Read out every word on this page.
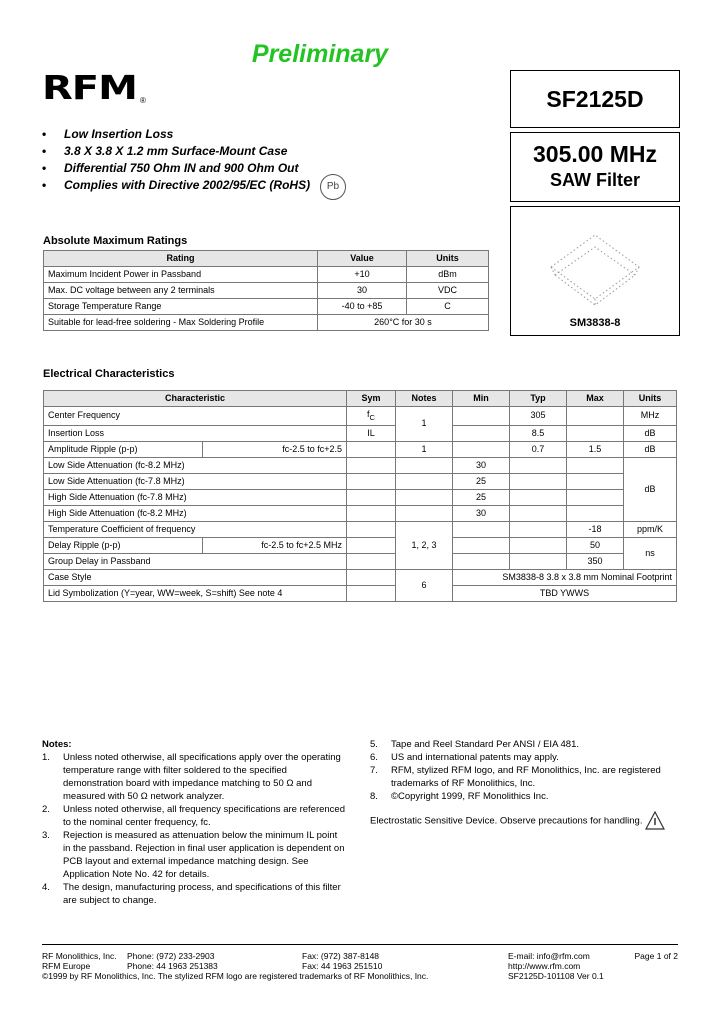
Preliminary
RFM ®	SF2125D
305.00 MHz
SAW Filter
SM3838-8
• Low Insertion Loss
• 3.8 X 3.8 X 1.2 mm Surface-Mount Case
• Differential 750 Ohm IN and 900 Ohm Out
• Complies with Directive 2002/95/EC (RoHS)	Pb
Absolute Maximum Ratings
Rating	Value	Units
Maximum Incident Power in Passband	+10	dBm
Max. DC voltage between any 2 terminals	30	VDC
Storage Temperature Range	-40 to +85	C
Suitable for lead-free soldering - Max Soldering Profile	260°C for 30 s	
Electrical Characteristics
Characteristic		Sym	Notes	Min	Typ	Max	Units
Center Frequency		$f_C$	1		305		MHz
Insertion Loss		IL			8.5		dB
Amplitude Ripple (p-p)	fc-2.5 to fc+2.5		1		0.7	1.5	dB
Low Side Attenuation (fc-8.2 MHz)				30			dB
Low Side Attenuation (fc-7.8 MHz)				25			
High Side Attenuation (fc-7.8 MHz)				25			
High Side Attenuation (fc-8.2 MHz)				30			
Temperature Coefficient of frequency			1, 2, 3			-18	ppm/K
Delay Ripple (p-p)	fc-2.5 to fc+2.5 MHz					50	ns
Group Delay in Passband						350	
Case Style			6	SM3838-8 3.8 x 3.8 mm Nominal Footprint			
Lid Symbolization (Y=year, WW=week, S=shift) See note 4				TBD YWWS			
Notes:
1. Unless noted otherwise, all specifications apply over the operating temperature range with filter soldered to the specified demonstration board with impedance matching to 50 Ω and measured with 50 Ω network analyzer.
2. Unless noted otherwise, all frequency specifications are referenced to the nominal center frequency, fc.
3. Rejection is measured as attenuation below the minimum IL point in the passband. Rejection in final user application is dependent on PCB layout and external impedance matching design. See Application Note No. 42 for details.
4. The design, manufacturing process, and specifications of this filter are subject to change.
5. Tape and Reel Standard Per ANSI / EIA 481.
6. US and international patents may apply.
7. RFM, stylized RFM logo, and RF Monolithics, Inc. are registered trademarks of RF Monolithics, Inc.
8. ©Copyright 1999, RF Monolithics Inc.
Electrostatic Sensitive Device. Observe precautions for handling.
RF Monolithics, Inc.	Phone: (972) 233-2903	Fax: (972) 387-8148	E-mail: info@rfm.com	Page 1 of 2
RFM Europe	Phone: 44 1963 251383	Fax: 44 1963 251510	http://www.rfm.com
©1999 by RF Monolithics, Inc. The stylized RFM logo are registered trademarks of RF Monolithics, Inc.	SF2125D-101108 Ver 0.1
